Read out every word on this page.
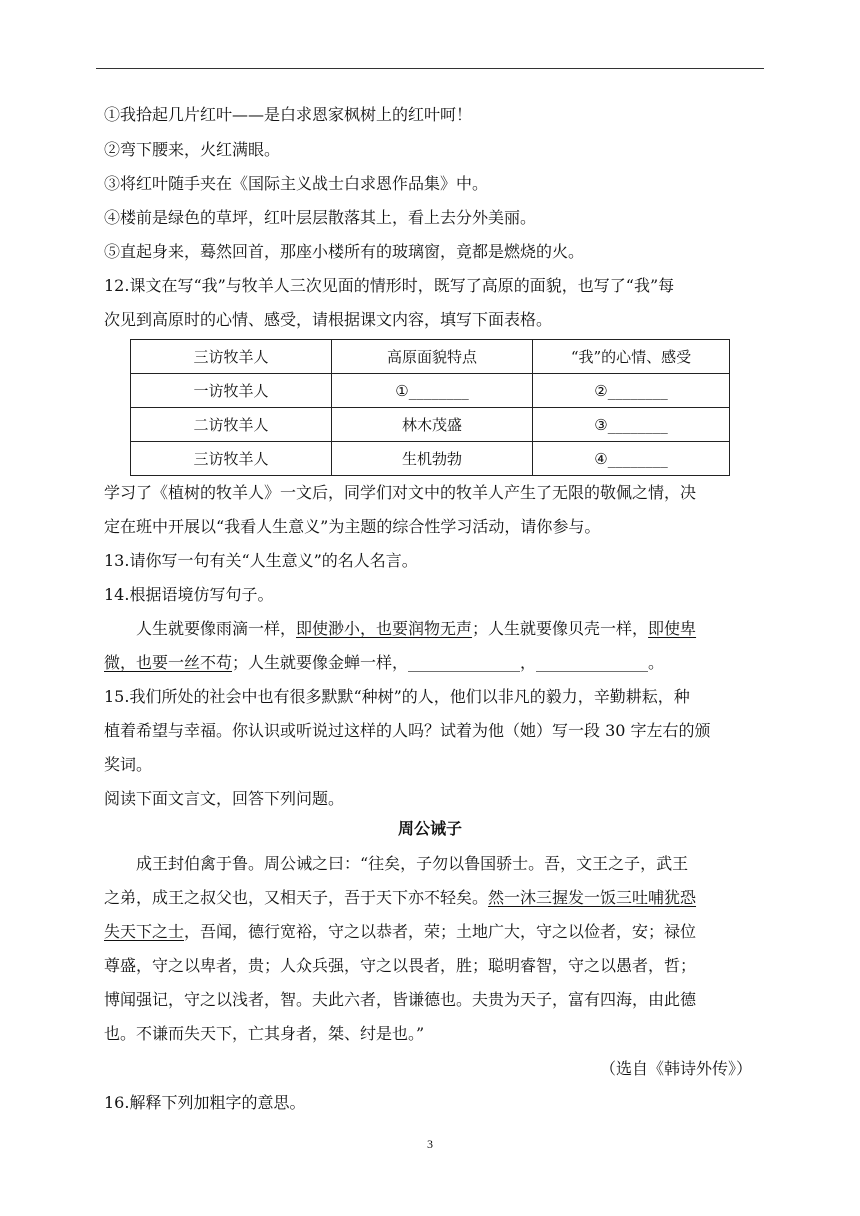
①我拾起几片红叶——是白求恩家枫树上的红叶呵！
②弯下腰来，火红满眼。
③将红叶随手夹在《国际主义战士白求恩作品集》中。
④楼前是绿色的草坪，红叶层层散落其上，看上去分外美丽。
⑤直起身来，蓦然回首，那座小楼所有的玻璃窗，竟都是燃烧的火。
12.课文在写“我”与牧羊人三次见面的情形时，既写了高原的面貌，也写了“我”每
次见到高原时的心情、感受，请根据课文内容，填写下面表格。
三访牧羊人	高原面貌特点	“我”的心情、感受
一访牧羊人	①________	②________
二访牧羊人	林木茂盛	③________
三访牧羊人	生机勃勃	④________
学习了《植树的牧羊人》一文后，同学们对文中的牧羊人产生了无限的敬佩之情，决
定在班中开展以“我看人生意义”为主题的综合性学习活动，请你参与。
13.请你写一句有关“人生意义”的名人名言。
14.根据语境仿写句子。
人生就要像雨滴一样，即使渺小，也要润物无声；人生就要像贝壳一样，即使卑
微，也要一丝不苟；人生就要像金蝉一样，______________，______________。
15.我们所处的社会中也有很多默默“种树”的人，他们以非凡的毅力，辛勤耕耘，种
植着希望与幸福。你认识或听说过这样的人吗？试着为他（她）写一段 30 字左右的颁
奖词。
阅读下面文言文，回答下列问题。
周公诫子
成王封伯禽于鲁。周公诫之曰：“往矣，子勿以鲁国骄士。吾，文王之子，武王
之弟，成王之叔父也，又相天子，吾于天下亦不轻矣。然一沐三握发一饭三吐哺犹恐
失天下之士，吾闻，德行宽裕，守之以恭者，荣；土地广大，守之以俭者，安；禄位
尊盛，守之以卑者，贵；人众兵强，守之以畏者，胜；聪明睿智，守之以愚者，哲；
博闻强记，守之以浅者，智。夫此六者，皆谦德也。夫贵为天子，富有四海，由此德
也。不谦而失天下，亡其身者，桀、纣是也。”
（选自《韩诗外传》）
16.解释下列加粗字的意思。
3
